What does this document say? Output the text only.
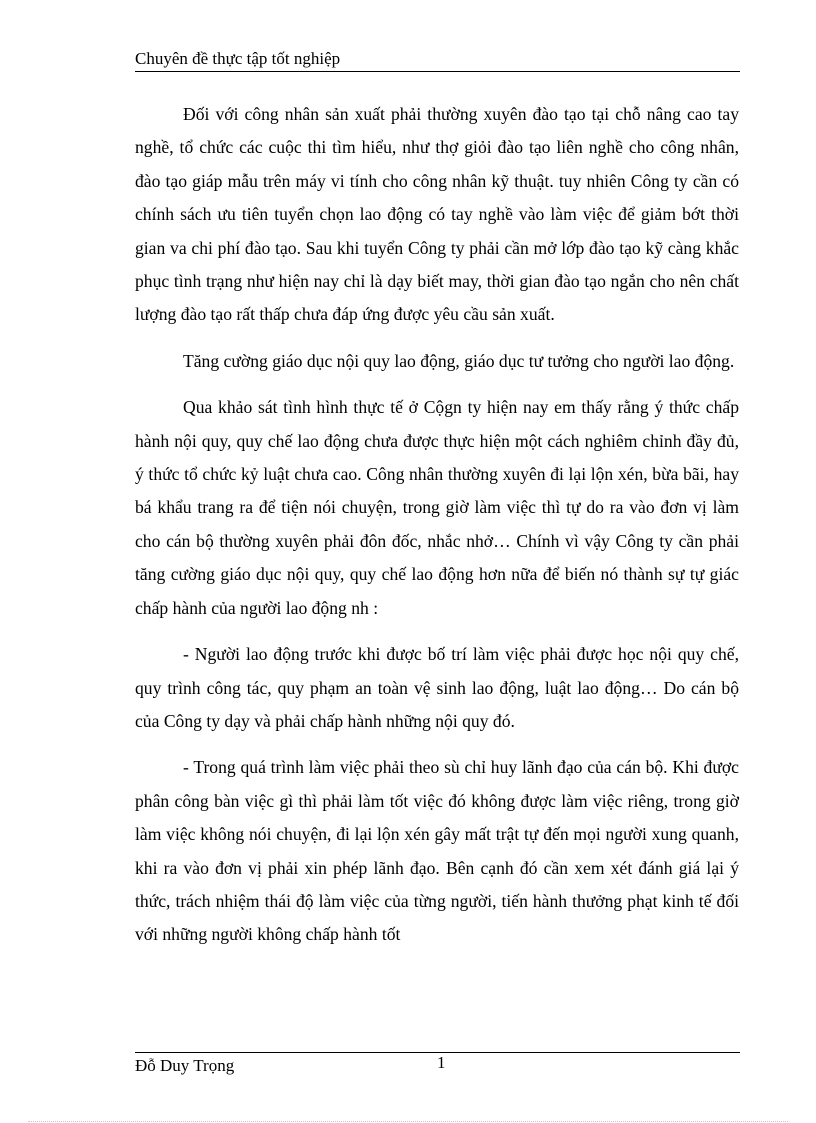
Chuyên đề thực tập tốt nghiệp

Đối với công nhân sản xuất phải thường xuyên đào tạo tại chỗ nâng cao tay nghề, tổ chức các cuộc thi tìm hiểu, như thợ giỏi đào tạo liên nghề cho công nhân, đào tạo giáp mẫu trên máy vi tính cho công nhân kỹ thuật. tuy nhiên Công ty cần có chính sách ưu tiên tuyển chọn lao động có tay nghề vào làm việc để giảm bớt thời gian va chi phí đào tạo. Sau khi tuyển Công ty phải cần mở lớp đào tạo kỹ càng khắc phục tình trạng như hiện nay chỉ là dạy biết may, thời gian đào tạo ngắn cho nên chất lượng đào tạo rất thấp chưa đáp ứng được yêu cầu sản xuất.

Tăng cường giáo dục nội quy lao động, giáo dục tư tưởng cho người lao động.

Qua khảo sát tình hình thực tế ở Cộgn ty hiện nay em thấy rằng ý thức chấp hành nội quy, quy chế lao động chưa được thực hiện một cách nghiêm chỉnh đầy đủ, ý thức tổ chức kỷ luật chưa cao. Công nhân thường xuyên đi lại lộn xén, bừa bãi, hay bá khẩu trang ra để tiện nói chuyện, trong giờ làm việc thì tự do ra vào đơn vị làm cho cán bộ thường xuyên phải đôn đốc, nhắc nhở… Chính vì vậy Công ty cần phải tăng cường giáo dục nội quy, quy chế lao động hơn nữa để biến nó thành sự tự giác chấp hành của người lao động nh :

- Người lao động trước khi được bố trí làm việc phải được học nội quy chế, quy trình công tác, quy phạm an toàn vệ sinh lao động, luật lao động… Do cán bộ của Công ty dạy và phải chấp hành những nội quy đó.

- Trong quá trình làm việc phải theo sù chỉ huy lãnh đạo của cán bộ. Khi được phân công bàn việc gì thì phải làm tốt việc đó không được làm việc riêng, trong giờ làm việc không nói chuyện, đi lại lộn xén gây mất trật tự đến mọi người xung quanh, khi ra vào đơn vị phải xin phép lãnh đạo. Bên cạnh đó cần xem xét đánh giá lại ý thức, trách nhiệm thái độ làm việc của từng người, tiến hành thưởng phạt kinh tế đối với những người không chấp hành tốt

Đỗ Duy Trọng	1
